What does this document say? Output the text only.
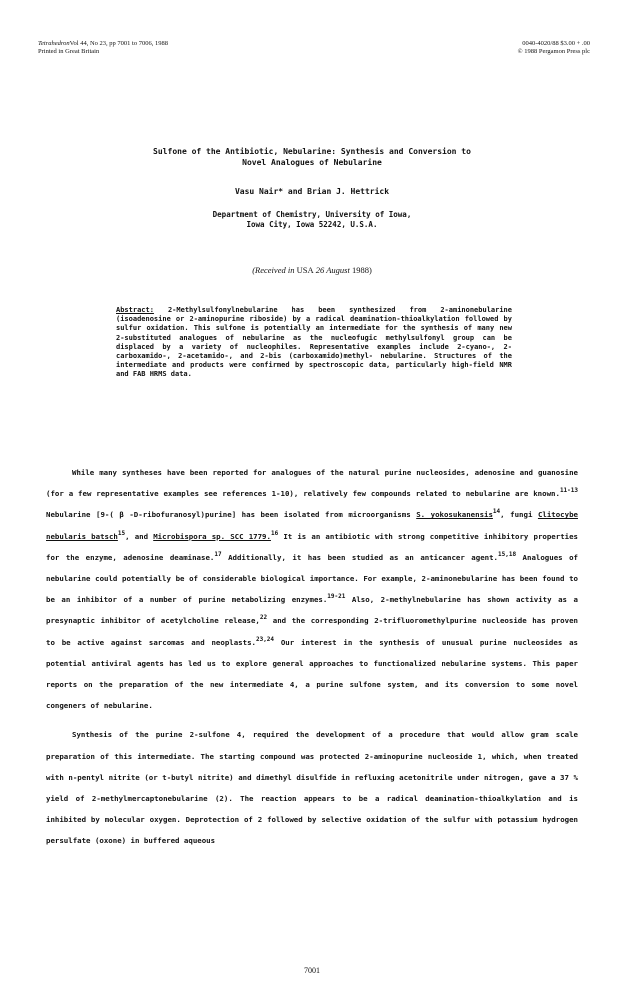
TetrahedronVol 44, No 23, pp 7001 to 7006, 1988
Printed in Great Britain
0040-4020/88 $3.00 + .00
© 1988 Pergamon Press plc
Sulfone of the Antibiotic, Nebularine: Synthesis and Conversion to
Novel Analogues of Nebularine
Vasu Nair* and Brian J. Hettrick
Department of Chemistry, University of Iowa,
Iowa City, Iowa 52242, U.S.A.
(Received in USA 26 August 1988)
Abstract: 2-Methylsulfonylnebularine has been synthesized from 2-aminonebularine (isoadenosine or 2-aminopurine riboside) by a radical deamination-thioalkylation followed by sulfur oxidation. This sulfone is potentially an intermediate for the synthesis of many new 2-substituted analogues of nebularine as the nucleofugic methylsulfonyl group can be displaced by a variety of nucleophiles. Representative examples include 2-cyano-, 2-carboxamido-, 2-acetamido-, and 2-bis (carboxamido)methyl- nebularine. Structures of the intermediate and products were confirmed by spectroscopic data, particularly high-field NMR and FAB HRMS data.

While many syntheses have been reported for analogues of the natural purine nucleosides, adenosine and guanosine (for a few representative examples see references 1-10), relatively few compounds related to nebularine are known.$^{11-13}$ Nebularine [9-( β -D-ribofuranosyl)purine] has been isolated from microorganisms S. yokosukanensis$^{14}$, fungi Clitocybe nebularis batsch$^{15}$, and Microbispora sp. SCC 1779.16 It is an antibiotic with strong competitive inhibitory properties for the enzyme, adenosine deaminase.$^{17}$ Additionally, it has been studied as an anticancer agent.$^{15,18}$ Analogues of nebularine could potentially be of considerable biological importance. For example, 2-aminonebularine has been found to be an inhibitor of a number of purine metabolizing enzymes.$^{19-21}$ Also, 2-methylnebularine has shown activity as a presynaptic inhibitor of acetylcholine release,$^{22}$ and the corresponding 2-trifluoromethylpurine nucleoside has proven to be active against sarcomas and neoplasts.$^{23,24}$ Our interest in the synthesis of unusual purine nucleosides as potential antiviral agents has led us to explore general approaches to functionalized nebularine systems. This paper reports on the preparation of the new intermediate 4, a purine sulfone system, and its conversion to some novel congeners of nebularine.

Synthesis of the purine 2-sulfone 4, required the development of a procedure that would allow gram scale preparation of this intermediate. The starting compound was protected 2-aminopurine nucleoside 1, which, when treated with n-pentyl nitrite (or t-butyl nitrite) and dimethyl disulfide in refluxing acetonitrile under nitrogen, gave a 37 % yield of 2-methylmercaptonebularine (2). The reaction appears to be a radical deamination-thioalkylation and is inhibited by molecular oxygen. Deprotection of 2 followed by selective oxidation of the sulfur with potassium hydrogen persulfate (oxone) in buffered aqueous

7001
